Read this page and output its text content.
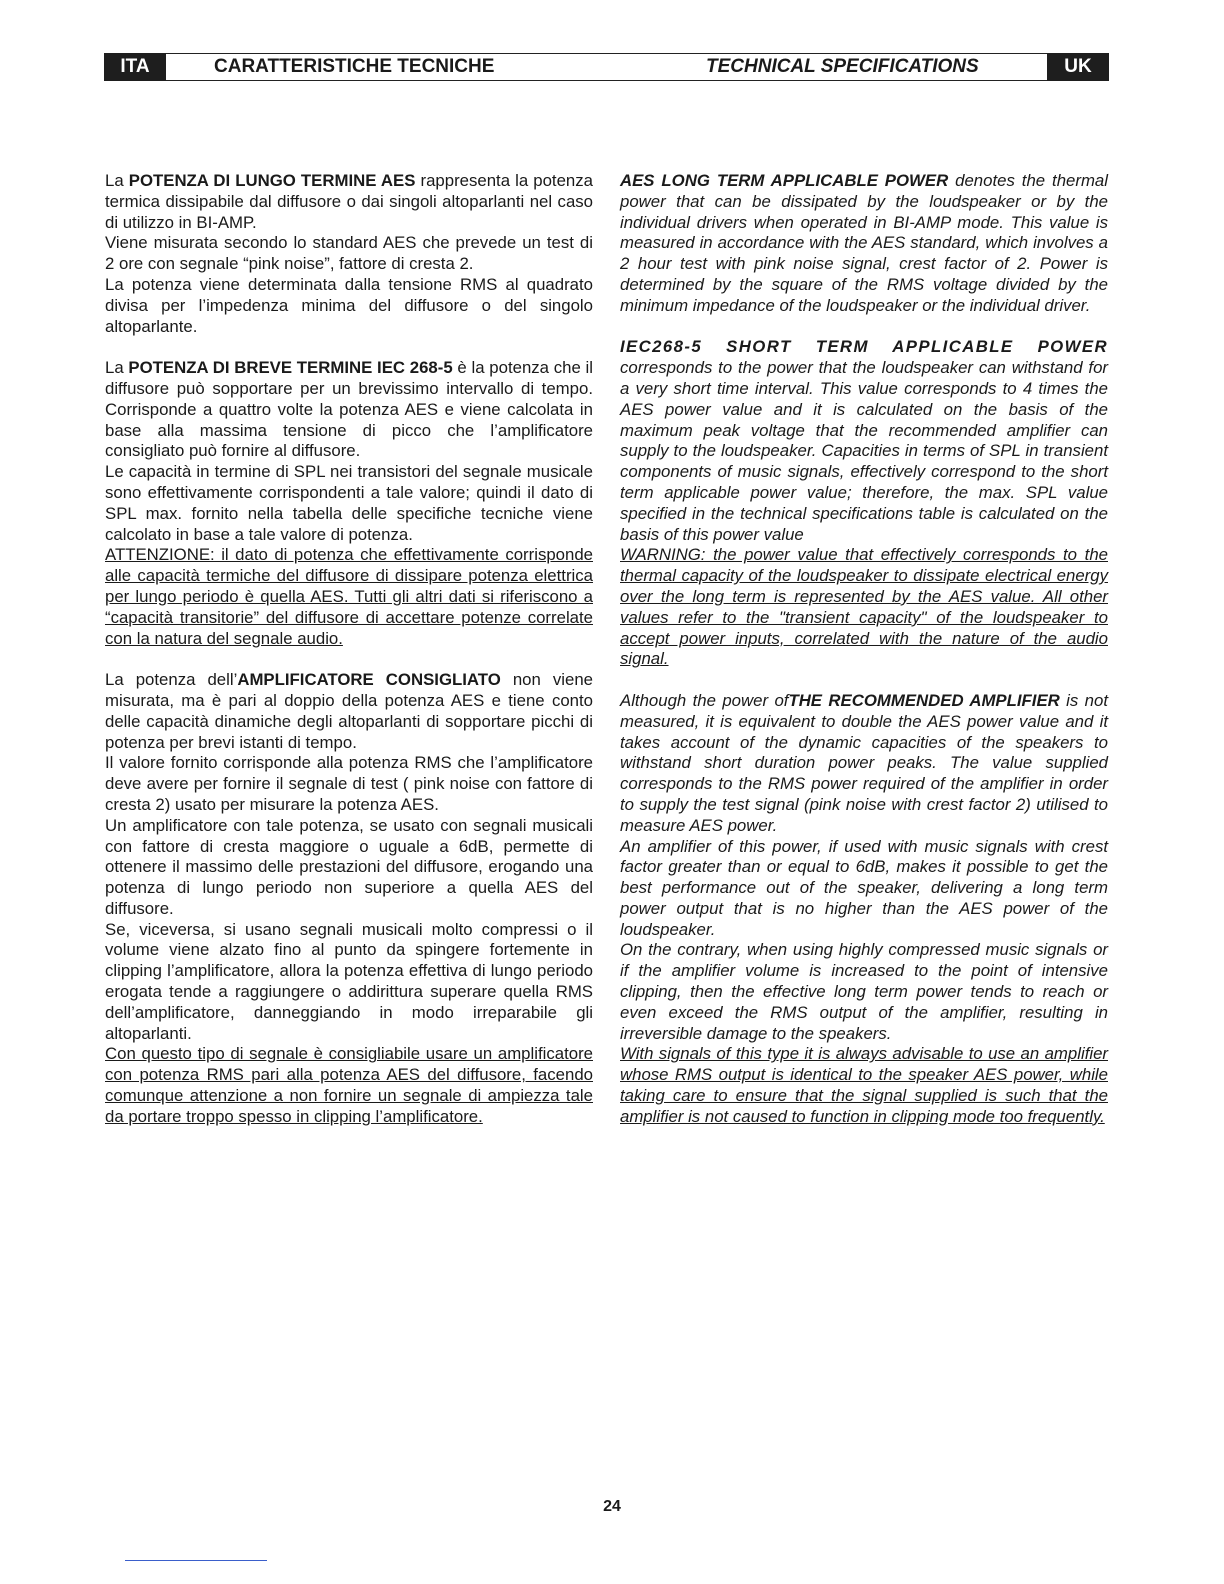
ITA	CARATTERISTICHE TECNICHE	TECHNICAL SPECIFICATIONS	UK

La POTENZA DI LUNGO TERMINE AES rappresenta la potenza termica dissipabile dal diffusore o dai singoli altoparlanti nel caso di utilizzo in BI-AMP.

Viene misurata secondo lo standard AES che prevede un test di 2 ore con segnale “pink noise”, fattore di cresta 2.

La potenza viene determinata dalla tensione RMS al quadrato divisa per l’impedenza minima del diffusore o del singolo altoparlante.

La POTENZA DI BREVE TERMINE IEC 268-5 è la potenza che il diffusore può sopportare per un brevissimo intervallo di tempo. Corrisponde a quattro volte la potenza AES e viene calcolata in base alla massima tensione di picco che l’amplificatore consigliato può fornire al diffusore.

Le capacità in termine di SPL nei transistori del segnale musicale sono effettivamente corrispondenti a tale valore; quindi il dato di SPL max. fornito nella tabella delle specifiche tecniche viene calcolato in base a tale valore di potenza.

ATTENZIONE: il dato di potenza che effettivamente corrisponde alle capacità termiche del diffusore di dissipare potenza elettrica per lungo periodo è quella AES. Tutti gli altri dati si riferiscono a “capacità transitorie” del diffusore di accettare potenze correlate con la natura del segnale audio.

La potenza dell’AMPLIFICATORE CONSIGLIATO non viene misurata, ma è pari al doppio della potenza AES e tiene conto delle capacità dinamiche degli altoparlanti di sopportare picchi di potenza per brevi istanti di tempo.

Il valore fornito corrisponde alla potenza RMS che l’amplificatore deve avere per fornire il segnale di test ( pink noise con fattore di cresta 2) usato per misurare la potenza AES.

Un amplificatore con tale potenza, se usato con segnali musicali con fattore di cresta maggiore o uguale a 6dB, permette di ottenere il massimo delle prestazioni del diffusore, erogando una potenza di lungo periodo non superiore a quella AES del diffusore.

Se, viceversa, si usano segnali musicali molto compressi o il volume viene alzato fino al punto da spingere fortemente in clipping l’amplificatore, allora la potenza effettiva di lungo periodo erogata tende a raggiungere o addirittura superare quella RMS dell’amplificatore, danneggiando in modo irreparabile gli altoparlanti.

Con questo tipo di segnale è consigliabile usare un amplificatore con potenza RMS pari alla potenza AES del diffusore, facendo comunque attenzione a non fornire un segnale di ampiezza tale da portare troppo spesso in clipping l’amplificatore.

AES LONG TERM APPLICABLE POWER denotes the thermal power that can be dissipated by the loudspeaker or by the individual drivers when operated in BI-AMP mode. This value is measured in accordance with the AES standard, which involves a 2 hour test with pink noise signal, crest factor of 2. Power is determined by the square of the RMS voltage divided by the minimum impedance of the loudspeaker or the individual driver.

IEC268-5 SHORT TERM APPLICABLE POWER corresponds to the power that the loudspeaker can withstand for a very short time interval. This value corresponds to 4 times the AES power value and it is calculated on the basis of the maximum peak voltage that the recommended amplifier can supply to the loudspeaker. Capacities in terms of SPL in transient components of music signals, effectively correspond to the short term applicable power value; therefore, the max. SPL value specified in the technical specifications table is calculated on the basis of this power value

WARNING: the power value that effectively corresponds to the thermal capacity of the loudspeaker to dissipate electrical energy over the long term is represented by the AES value. All other values refer to the "transient capacity" of the loudspeaker to accept power inputs, correlated with the nature of the audio signal.

Although the power ofTHE RECOMMENDED AMPLIFIER is not measured, it is equivalent to double the AES power value and it takes account of the dynamic capacities of the speakers to withstand short duration power peaks. The value supplied corresponds to the RMS power required of the amplifier in order to supply the test signal (pink noise with crest factor 2) utilised to measure AES power.

An amplifier of this power, if used with music signals with crest factor greater than or equal to 6dB, makes it possible to get the best performance out of the speaker, delivering a long term power output that is no higher than the AES power of the loudspeaker.

On the contrary, when using highly compressed music signals or if the amplifier volume is increased to the point of intensive clipping, then the effective long term power tends to reach or even exceed the RMS output of the amplifier, resulting in irreversible damage to the speakers.

With signals of this type it is always advisable to use an amplifier whose RMS output is identical to the speaker AES power, while taking care to ensure that the signal supplied is such that the amplifier is not caused to function in clipping mode too frequently.

24
